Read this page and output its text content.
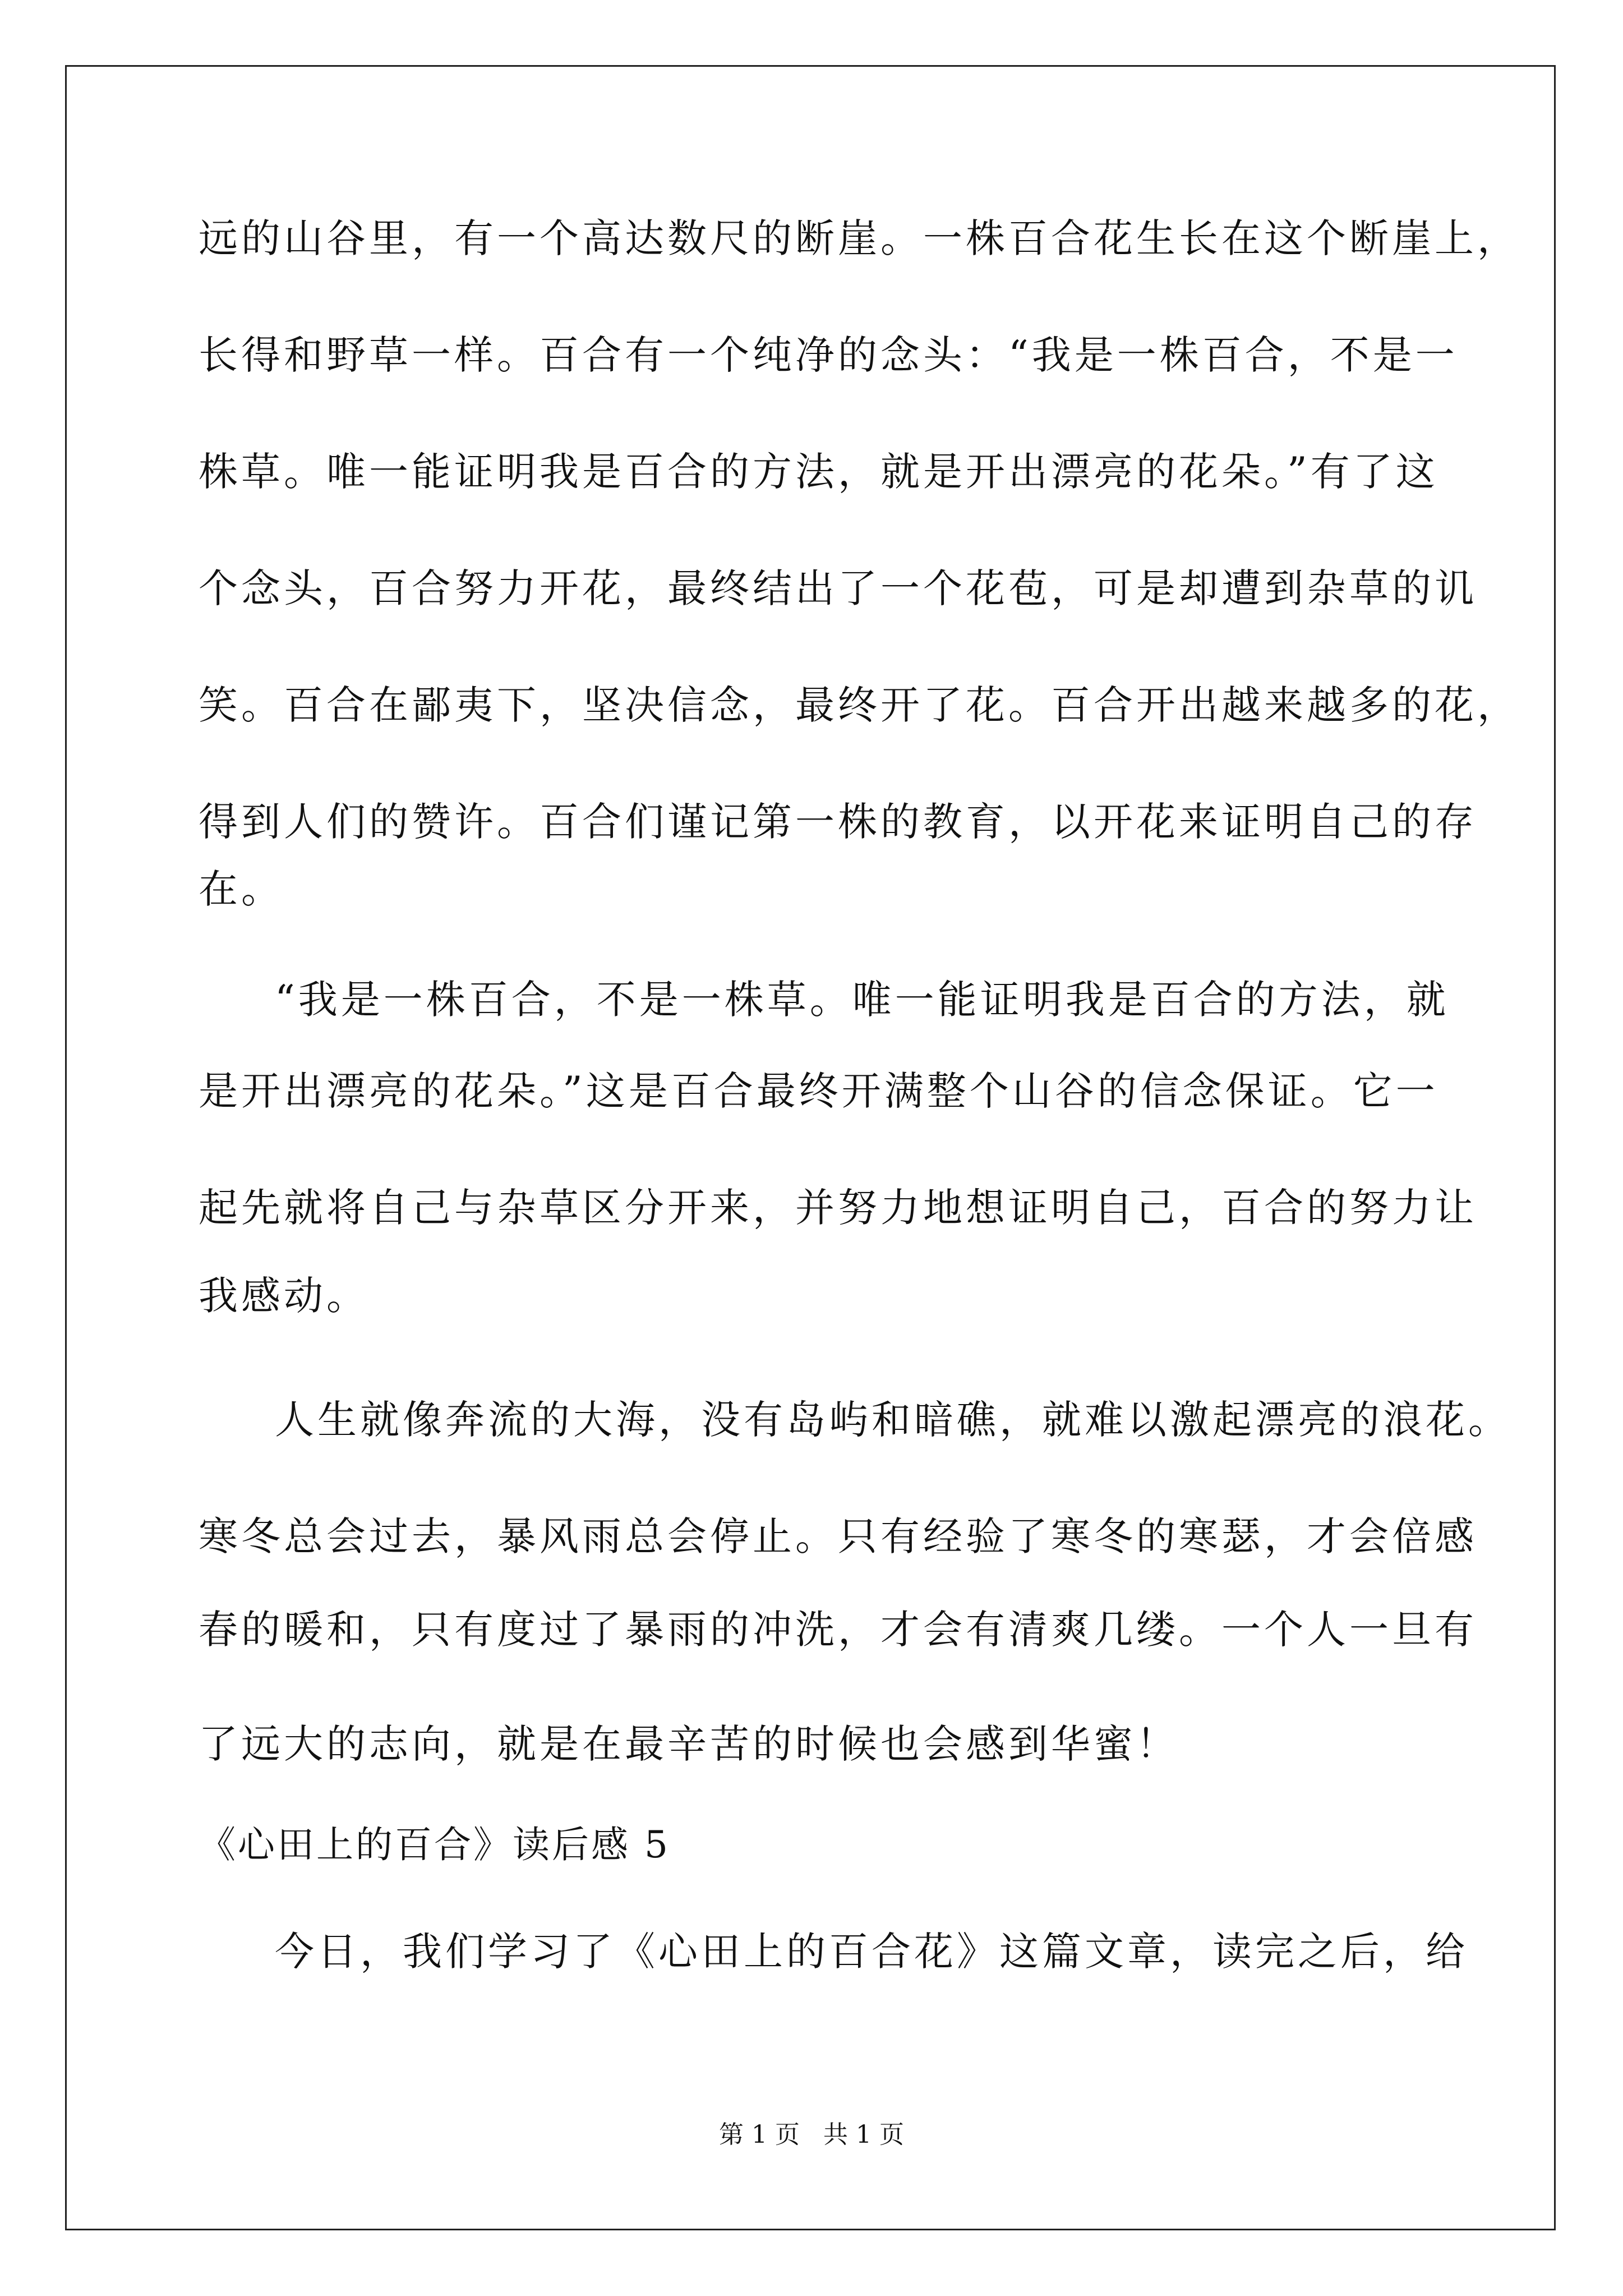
远的山谷里，有一个高达数尺的断崖。一株百合花生长在这个断崖上，
长得和野草一样。百合有一个纯净的念头：“我是一株百合，不是一
株草。唯一能证明我是百合的方法，就是开出漂亮的花朵。”有了这
个念头，百合努力开花，最终结出了一个花苞，可是却遭到杂草的讥
笑。百合在鄙夷下，坚决信念，最终开了花。百合开出越来越多的花，
得到人们的赞许。百合们谨记第一株的教育，以开花来证明自己的存
在。
“我是一株百合，不是一株草。唯一能证明我是百合的方法，就
是开出漂亮的花朵。”这是百合最终开满整个山谷的信念保证。它一
起先就将自己与杂草区分开来，并努力地想证明自己，百合的努力让
我感动。
人生就像奔流的大海，没有岛屿和暗礁，就难以激起漂亮的浪花。
寒冬总会过去，暴风雨总会停止。只有经验了寒冬的寒瑟，才会倍感
春的暖和，只有度过了暴雨的冲洗，才会有清爽几缕。一个人一旦有
了远大的志向，就是在最辛苦的时候也会感到华蜜！
《心田上的百合》读后感 5
今日，我们学习了《心田上的百合花》这篇文章，读完之后，给
第 1 页 共 1 页
